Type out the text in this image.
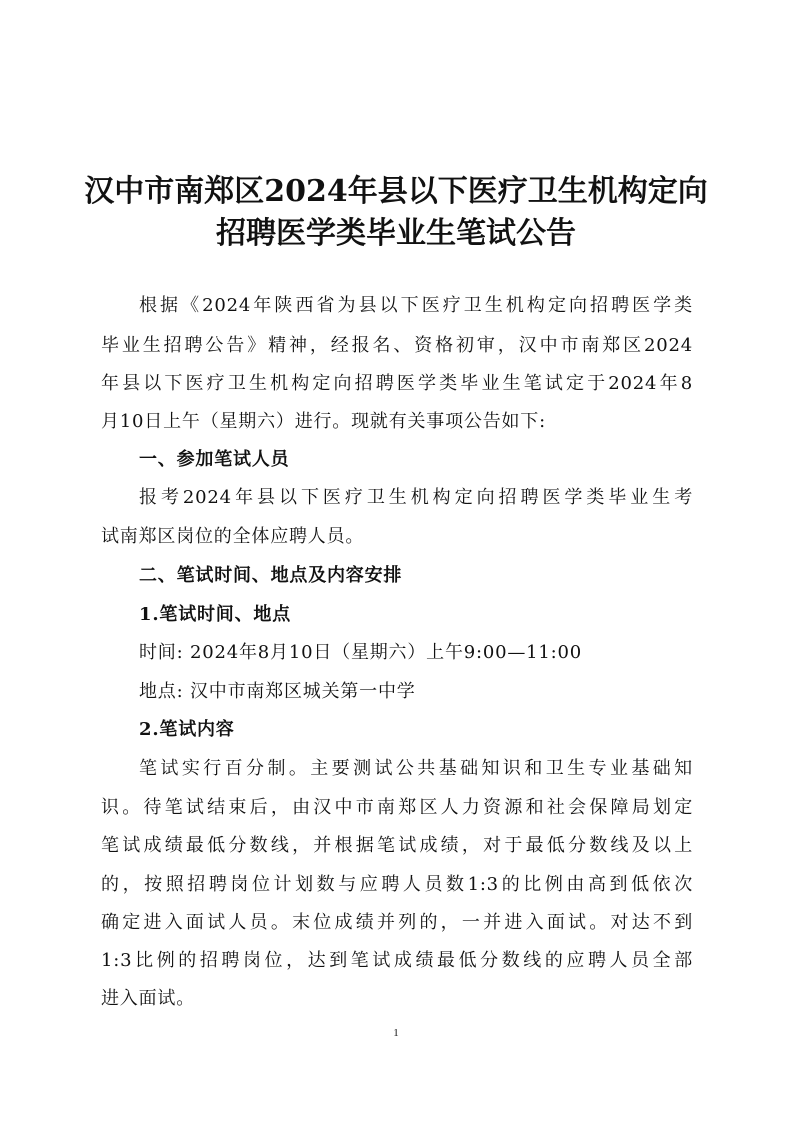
汉中市南郑区2024年县以下医疗卫生机构定向
招聘医学类毕业生笔试公告
根据《2024年陕西省为县以下医疗卫生机构定向招聘医学类
毕业生招聘公告》精神，经报名、资格初审，汉中市南郑区2024
年县以下医疗卫生机构定向招聘医学类毕业生笔试定于2024年8
月10日上午（星期六）进行。现就有关事项公告如下:
一、参加笔试人员
报考2024年县以下医疗卫生机构定向招聘医学类毕业生考
试南郑区岗位的全体应聘人员。
二、笔试时间、地点及内容安排
1.笔试时间、地点
时间: 2024年8月10日（星期六）上午9:00—11:00
地点: 汉中市南郑区城关第一中学
2.笔试内容
笔试实行百分制。主要测试公共基础知识和卫生专业基础知
识。待笔试结束后，由汉中市南郑区人力资源和社会保障局划定
笔试成绩最低分数线，并根据笔试成绩，对于最低分数线及以上
的，按照招聘岗位计划数与应聘人员数1:3的比例由高到低依次
确定进入面试人员。末位成绩并列的，一并进入面试。对达不到
1:3比例的招聘岗位，达到笔试成绩最低分数线的应聘人员全部
进入面试。
1
